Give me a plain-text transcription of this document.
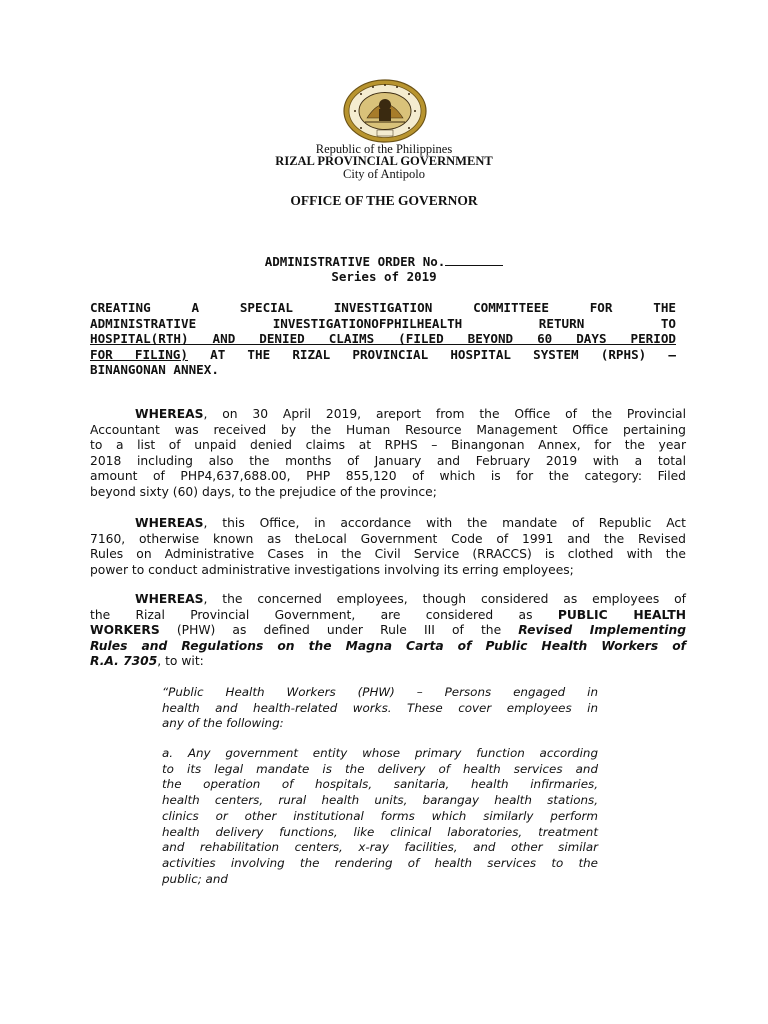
Republic of the Philippines
RIZAL PROVINCIAL GOVERNMENT
City of Antipolo
OFFICE OF THE GOVERNOR
ADMINISTRATIVE ORDER No.
Series of 2019
CREATING A SPECIAL INVESTIGATION COMMITTEEE FOR THE
ADMINISTRATIVE INVESTIGATIONOFPHILHEALTH RETURN TO
HOSPITAL(RTH) AND DENIED CLAIMS (FILED BEYOND 60 DAYS PERIOD
FOR FILING) AT THE RIZAL PROVINCIAL HOSPITAL SYSTEM (RPHS) –
BINANGONAN ANNEX.
WHEREAS, on 30 April 2019, areport from the Office of the Provincial
Accountant was received by the Human Resource Management Office pertaining
to a list of unpaid denied claims at RPHS – Binangonan Annex, for the year
2018 including also the months of January and February 2019 with a total
amount of PHP4,637,688.00, PHP 855,120 of which is for the category: Filed
beyond sixty (60) days, to the prejudice of the province;
WHEREAS, this Office, in accordance with the mandate of Republic Act
7160, otherwise known as theLocal Government Code of 1991 and the Revised
Rules on Administrative Cases in the Civil Service (RRACCS) is clothed with the
power to conduct administrative investigations involving its erring employees;
WHEREAS, the concerned employees, though considered as employees of
the Rizal Provincial Government, are considered as PUBLIC HEALTH
WORKERS (PHW) as defined under Rule III of the Revised Implementing
Rules and Regulations on the Magna Carta of Public Health Workers of
R.A. 7305, to wit:
“Public Health Workers (PHW) – Persons engaged in
health and health-related works. These cover employees in
any of the following:
a. Any government entity whose primary function according
to its legal mandate is the delivery of health services and
the operation of hospitals, sanitaria, health infirmaries,
health centers, rural health units, barangay health stations,
clinics or other institutional forms which similarly perform
health delivery functions, like clinical laboratories, treatment
and rehabilitation centers, x-ray facilities, and other similar
activities involving the rendering of health services to the
public; and
